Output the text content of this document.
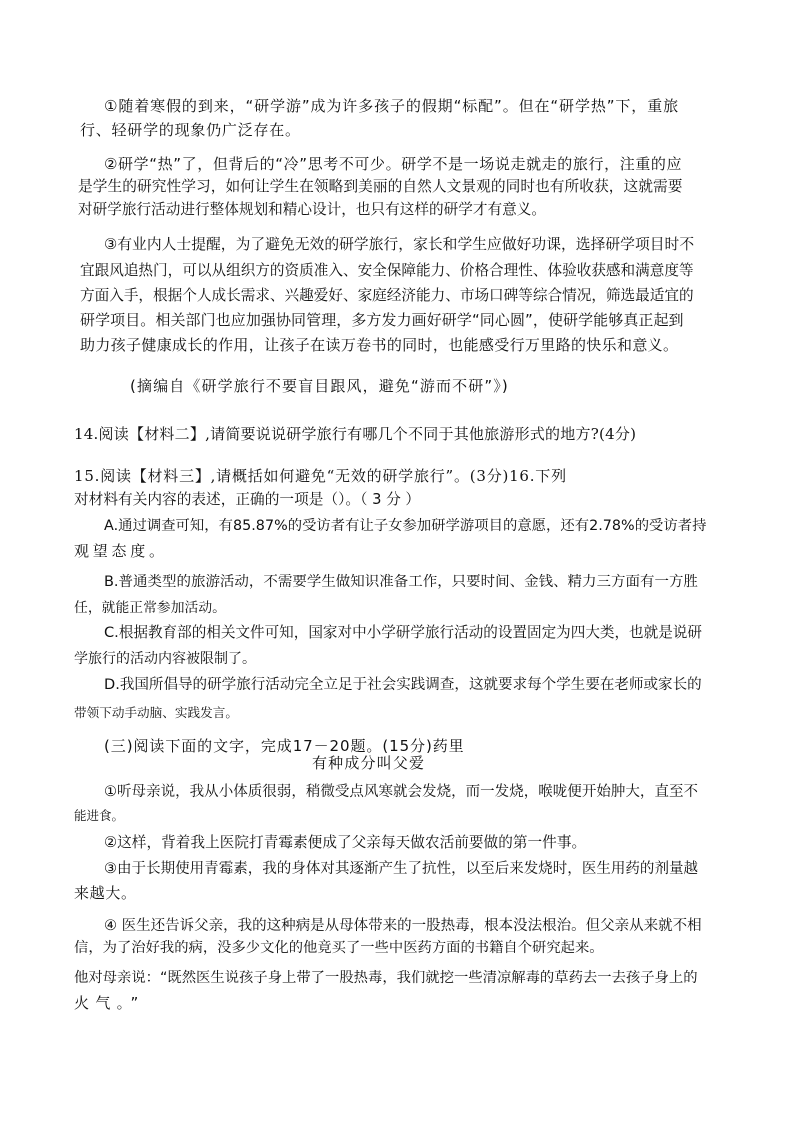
①随着寒假的到来，“研学游”成为许多孩子的假期“标配”。但在“研学热”下，重旅
行、轻研学的现象仍广泛存在。
②研学“热”了，但背后的“冷”思考不可少。研学不是一场说走就走的旅行，注重的应
是学生的研究性学习，如何让学生在领略到美丽的自然人文景观的同时也有所收获，这就需要
对研学旅行活动进行整体规划和精心设计，也只有这样的研学才有意义。
③有业内人士提醒，为了避免无效的研学旅行，家长和学生应做好功课，选择研学项目时不
宜跟风追热门，可以从组织方的资质准入、安全保障能力、价格合理性、体验收获感和满意度等
方面入手，根据个人成长需求、兴趣爱好、家庭经济能力、市场口碑等综合情况，筛选最适宜的
研学项目。相关部门也应加强协同管理，多方发力画好研学“同心圆”，使研学能够真正起到
助力孩子健康成长的作用，让孩子在读万卷书的同时，也能感受行万里路的快乐和意义。
(摘编自《研学旅行不要盲目跟风，避免“游而不研”》)
14.阅读【材料二】,请简要说说研学旅行有哪几个不同于其他旅游形式的地方?(4分)
15.阅读【材料三】,请概括如何避免“无效的研学旅行”。(3分)16.下列
对材料有关内容的表述，正确的一项是（）。（ 3 分 ）
A.通过调查可知，有85.87%的受访者有让子女参加研学游项目的意愿，还有2.78%的受访者持
观望态度。
B.普通类型的旅游活动，不需要学生做知识准备工作，只要时间、金钱、精力三方面有一方胜
任，就能正常参加活动。
C.根据教育部的相关文件可知，国家对中小学研学旅行活动的设置固定为四大类，也就是说研
学旅行的活动内容被限制了。
D.我国所倡导的研学旅行活动完全立足于社会实践调查，这就要求每个学生要在老师或家长的
带领下动手动脑、实践发言。
(三)阅读下面的文字，完成17－20题。(15分)药里
有种成分叫父爱
①听母亲说，我从小体质很弱，稍微受点风寒就会发烧，而一发烧，喉咙便开始肿大，直至不
能进食。
②这样，背着我上医院打青霉素便成了父亲每天做农活前要做的第一件事。
③由于长期使用青霉素，我的身体对其逐渐产生了抗性，以至后来发烧时，医生用药的剂量越
来越大。
④ 医生还告诉父亲，我的这种病是从母体带来的一股热毒，根本没法根治。但父亲从来就不相
信，为了治好我的病，没多少文化的他竟买了一些中医药方面的书籍自个研究起来。
他对母亲说：“既然医生说孩子身上带了一股热毒，我们就挖一些清凉解毒的草药去一去孩子身上的
火气。”
